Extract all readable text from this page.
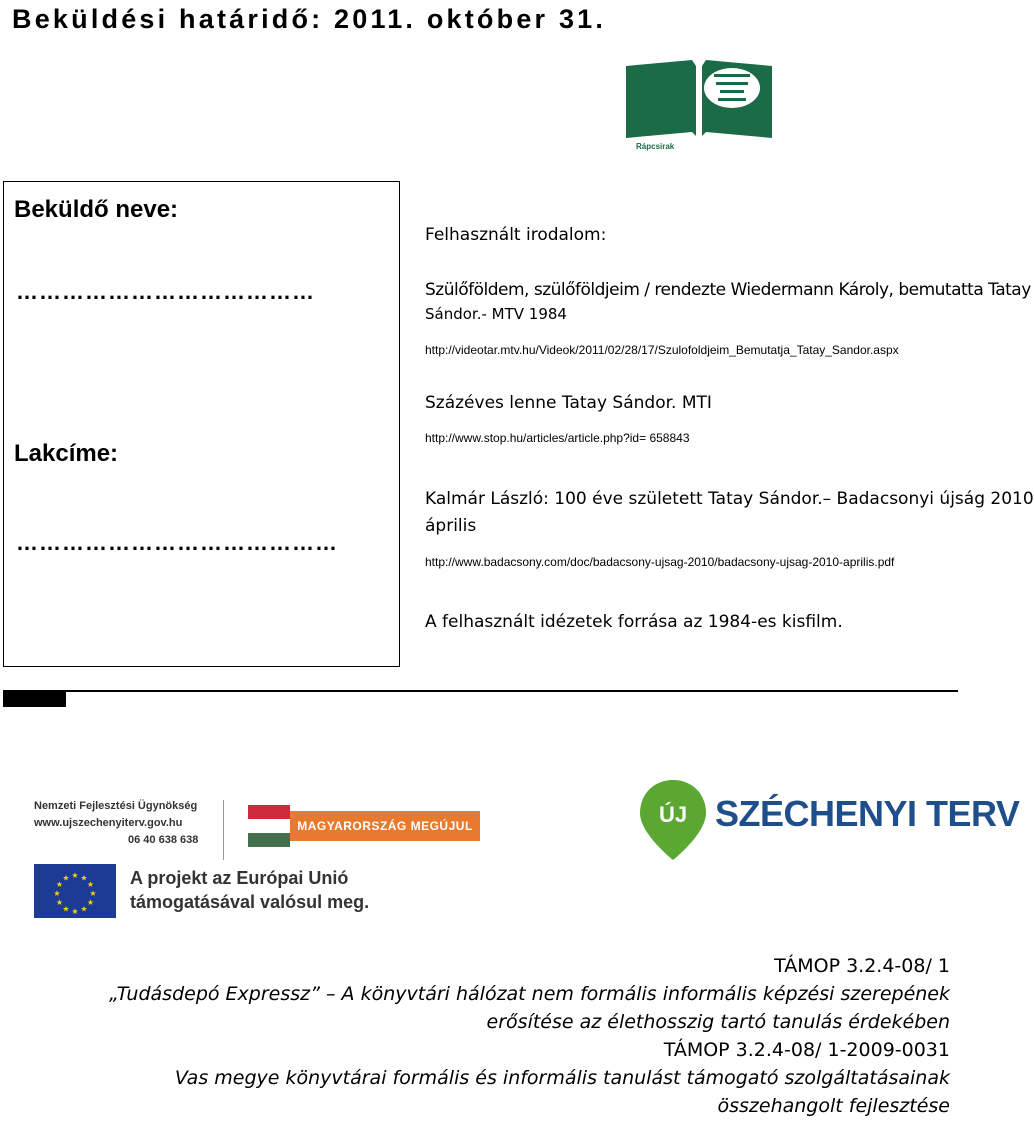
Beküldési határidő: 2011. október 31.
Rápcsirak
Beküldő neve:
…………………………………
Lakcíme:
……………………………………
Felhasznált irodalom:
Szülőföldem, szülőföldjeim / rendezte Wiedermann Károly, bemutatta Tatay
Sándor.- MTV 1984
http://videotar.mtv.hu/Videok/2011/02/28/17/Szulofoldjeim_Bemutatja_Tatay_Sandor.aspx
Százéves lenne Tatay Sándor. MTI
http://www.stop.hu/articles/article.php?id= 658843
Kalmár László: 100 éve született Tatay Sándor.– Badacsonyi újság 2010
április
http://www.badacsony.com/doc/badacsony-ujsag-2010/badacsony-ujsag-2010-aprilis.pdf
A felhasznált idézetek forrása az 1984-es kisfilm.
Nemzeti Fejlesztési Ügynökség
www.ujszechenyiterv.gov.hu
06 40 638 638
MAGYARORSZÁG MEGÚJUL
★ ★
★
★
★
★
★
★
★
★
★
★	A projekt az Európai Unió
támogatásával valósul meg.
ÚJ SZÉCHENYI TERV
TÁMOP 3.2.4-08/ 1
„Tudásdepó Expressz” – A könyvtári hálózat nem formális informális képzési szerepének
erősítése az élethosszig tartó tanulás érdekében
TÁMOP 3.2.4-08/ 1-2009-0031
Vas megye könyvtárai formális és informális tanulást támogató szolgáltatásainak
összehangolt fejlesztése
